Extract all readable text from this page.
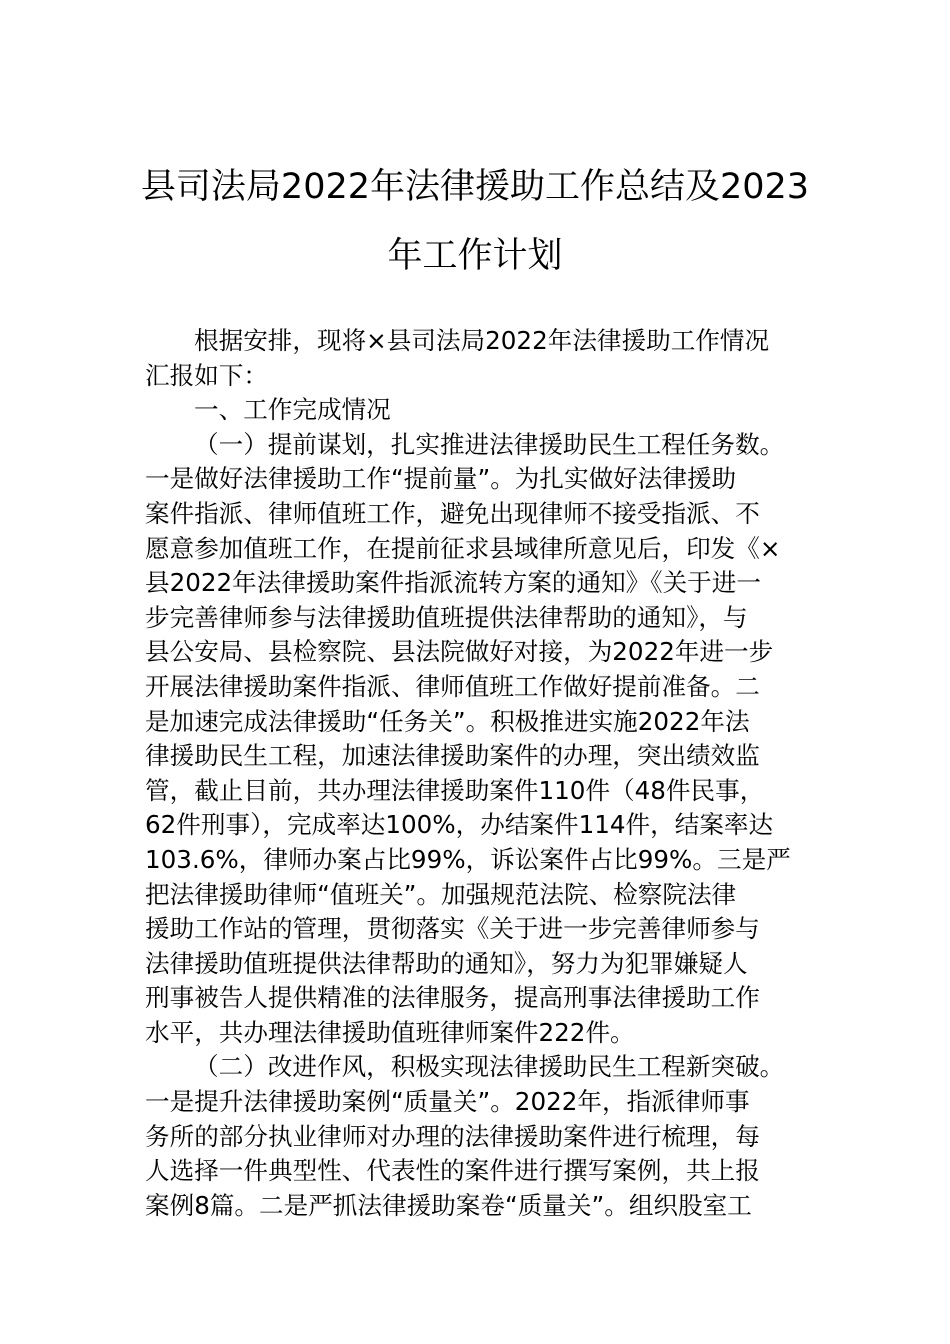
县司法局2022年法律援助工作总结及2023
年工作计划
根据安排，现将×县司法局2022年法律援助工作情况
汇报如下：
一、工作完成情况
（一）提前谋划，扎实推进法律援助民生工程任务数。
一是做好法律援助工作“提前量”。为扎实做好法律援助
案件指派、律师值班工作，避免出现律师不接受指派、不
愿意参加值班工作，在提前征求县域律所意见后，印发《×
县2022年法律援助案件指派流转方案的通知》《关于进一
步完善律师参与法律援助值班提供法律帮助的通知》，与
县公安局、县检察院、县法院做好对接，为2022年进一步
开展法律援助案件指派、律师值班工作做好提前准备。二
是加速完成法律援助“任务关”。积极推进实施2022年法
律援助民生工程，加速法律援助案件的办理，突出绩效监
管，截止目前，共办理法律援助案件110件（48件民事，
62件刑事），完成率达100%，办结案件114件，结案率达
103.6%，律师办案占比99%，诉讼案件占比99%。三是严
把法律援助律师“值班关”。加强规范法院、检察院法律
援助工作站的管理，贯彻落实《关于进一步完善律师参与
法律援助值班提供法律帮助的通知》，努力为犯罪嫌疑人
刑事被告人提供精准的法律服务，提高刑事法律援助工作
水平，共办理法律援助值班律师案件222件。
（二）改进作风，积极实现法律援助民生工程新突破。
一是提升法律援助案例“质量关”。2022年，指派律师事
务所的部分执业律师对办理的法律援助案件进行梳理，每
人选择一件典型性、代表性的案件进行撰写案例，共上报
案例8篇。二是严抓法律援助案卷“质量关”。组织股室工
